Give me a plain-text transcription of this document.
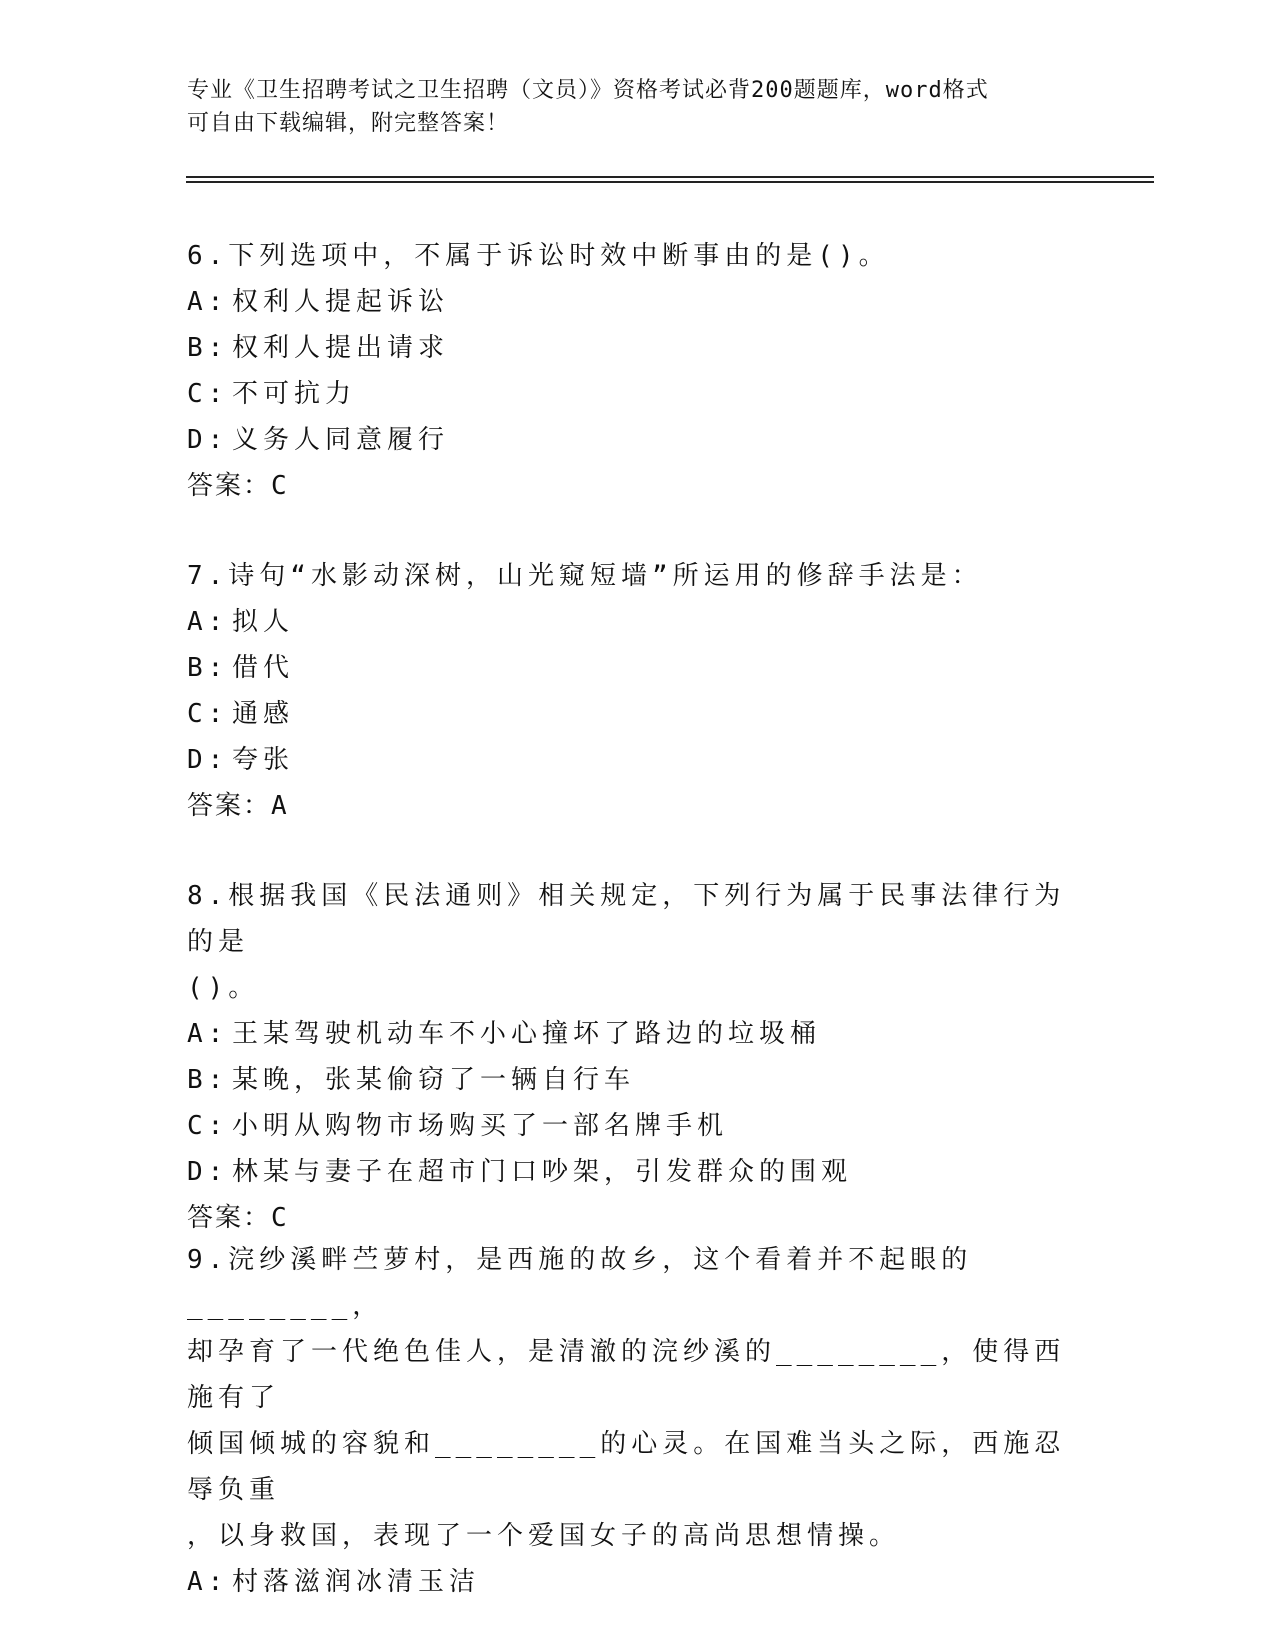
专业《卫生招聘考试之卫生招聘（文员）》资格考试必背200题题库，word格式
可自由下载编辑，附完整答案！
6.下列选项中，不属于诉讼时效中断事由的是()。
A: 权利人提起诉讼
B: 权利人提出请求
C: 不可抗力
D: 义务人同意履行
答案：C
7.诗句“水影动深树，山光窥短墙”所运用的修辞手法是：
A: 拟人
B: 借代
C: 通感
D: 夸张
答案：A
8.根据我国《民法通则》相关规定，下列行为属于民事法律行为的是
()。
A: 王某驾驶机动车不小心撞坏了路边的垃圾桶
B: 某晚，张某偷窃了一辆自行车
C: 小明从购物市场购买了一部名牌手机
D: 林某与妻子在超市门口吵架，引发群众的围观
答案：C
9.浣纱溪畔苎萝村，是西施的故乡，这个看着并不起眼的________，
却孕育了一代绝色佳人，是清澈的浣纱溪的________，使得西施有了
倾国倾城的容貌和________的心灵。在国难当头之际，西施忍辱负重
，以身救国，表现了一个爱国女子的高尚思想情操。
A: 村落滋润冰清玉洁
